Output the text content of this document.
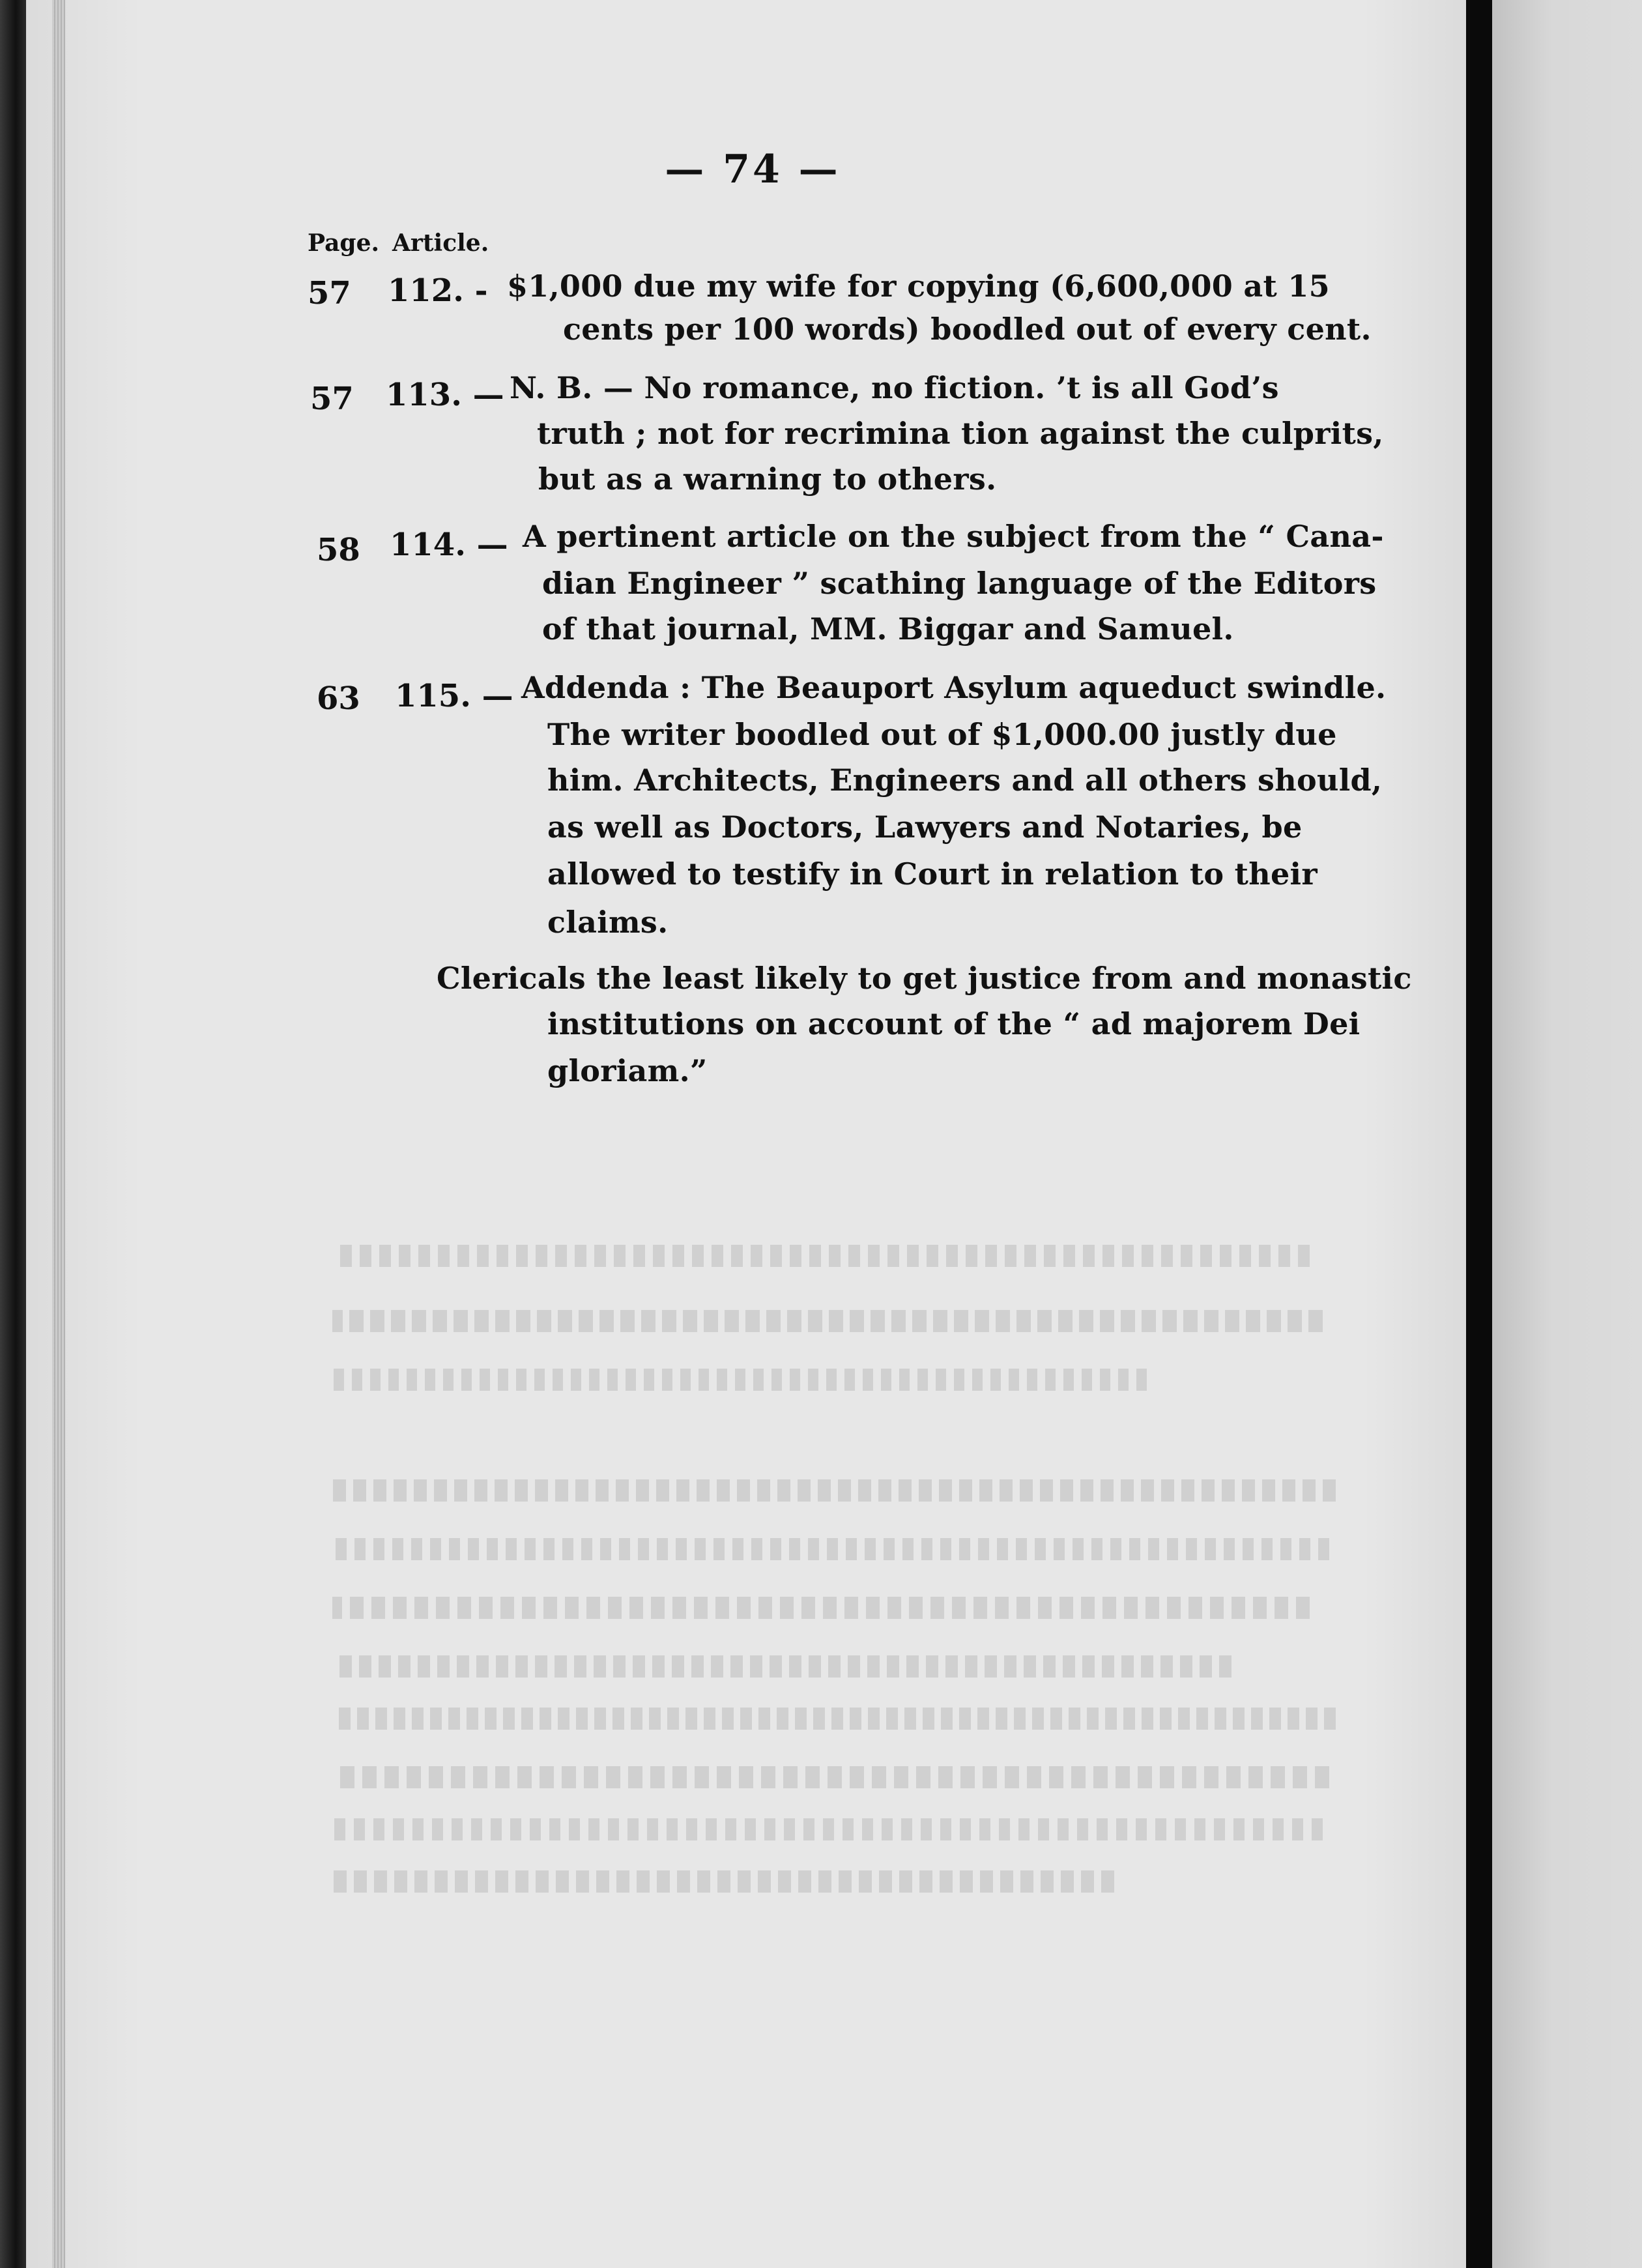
— 74 —
Page. Article.
57 112. - $1,000 due my wife for copying (6,600,000 at 15
cents per 100 words) boodled out of every cent.
57 113. — N. B. — No romance, no fiction. ’t is all God’s
truth ; not for recrimina tion against the culprits,
but as a warning to others.
58 114. — A pertinent article on the subject from the “ Cana-
dian Engineer ” scathing language of the Editors
of that journal, MM. Biggar and Samuel.
63 115. — Addenda : The Beauport Asylum aqueduct swindle.
The writer boodled out of $1,000.00 justly due
him. Architects, Engineers and all others should,
as well as Doctors, Lawyers and Notaries, be
allowed to testify in Court in relation to their
claims.
Clericals the least likely to get justice from and monastic
institutions on account of the “ ad majorem Dei
gloriam.”
